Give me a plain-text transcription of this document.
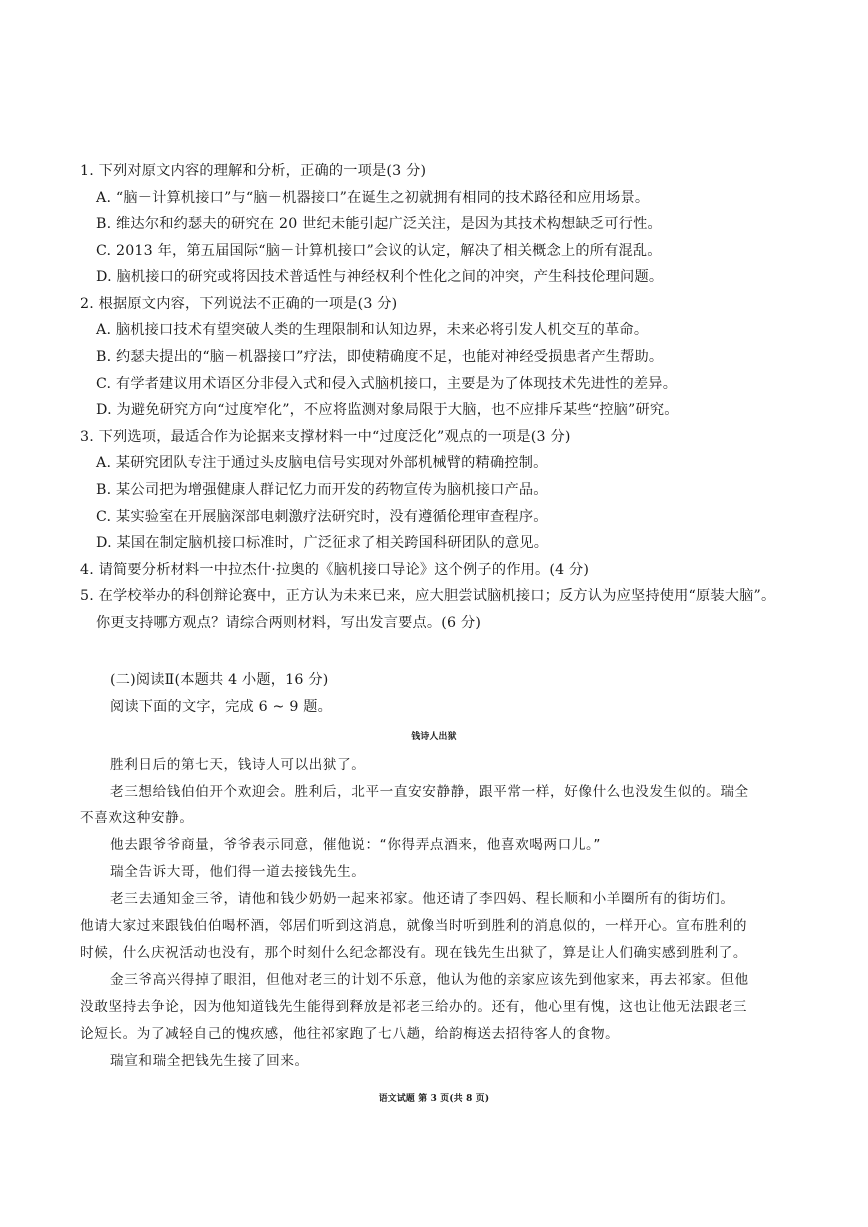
1. 下列对原文内容的理解和分析，正确的一项是(3 分)
A. “脑－计算机接口”与“脑－机器接口”在诞生之初就拥有相同的技术路径和应用场景。
B. 维达尔和约瑟夫的研究在 20 世纪未能引起广泛关注，是因为其技术构想缺乏可行性。
C. 2013 年，第五届国际“脑－计算机接口”会议的认定，解决了相关概念上的所有混乱。
D. 脑机接口的研究或将因技术普适性与神经权利个性化之间的冲突，产生科技伦理问题。
2. 根据原文内容，下列说法不正确的一项是(3 分)
A. 脑机接口技术有望突破人类的生理限制和认知边界，未来必将引发人机交互的革命。
B. 约瑟夫提出的“脑－机器接口”疗法，即使精确度不足，也能对神经受损患者产生帮助。
C. 有学者建议用术语区分非侵入式和侵入式脑机接口，主要是为了体现技术先进性的差异。
D. 为避免研究方向“过度窄化”，不应将监测对象局限于大脑，也不应排斥某些“控脑”研究。
3. 下列选项，最适合作为论据来支撑材料一中“过度泛化”观点的一项是(3 分)
A. 某研究团队专注于通过头皮脑电信号实现对外部机械臂的精确控制。
B. 某公司把为增强健康人群记忆力而开发的药物宣传为脑机接口产品。
C. 某实验室在开展脑深部电刺激疗法研究时，没有遵循伦理审查程序。
D. 某国在制定脑机接口标准时，广泛征求了相关跨国科研团队的意见。
4. 请简要分析材料一中拉杰什·拉奥的《脑机接口导论》这个例子的作用。(4 分)
5. 在学校举办的科创辩论赛中，正方认为未来已来，应大胆尝试脑机接口；反方认为应坚持使用“原装大脑”。
你更支持哪方观点？请综合两则材料，写出发言要点。(6 分)
(二)阅读Ⅱ(本题共 4 小题，16 分)
阅读下面的文字，完成 6 ~ 9 题。
钱诗人出狱
胜利日后的第七天，钱诗人可以出狱了。
老三想给钱伯伯开个欢迎会。胜利后，北平一直安安静静，跟平常一样，好像什么也没发生似的。瑞全
不喜欢这种安静。
他去跟爷爷商量，爷爷表示同意，催他说：“你得弄点酒来，他喜欢喝两口儿。”
瑞全告诉大哥，他们得一道去接钱先生。
老三去通知金三爷，请他和钱少奶奶一起来祁家。他还请了李四妈、程长顺和小羊圈所有的街坊们。
他请大家过来跟钱伯伯喝杯酒，邻居们听到这消息，就像当时听到胜利的消息似的，一样开心。宣布胜利的
时候，什么庆祝活动也没有，那个时刻什么纪念都没有。现在钱先生出狱了，算是让人们确实感到胜利了。
金三爷高兴得掉了眼泪，但他对老三的计划不乐意，他认为他的亲家应该先到他家来，再去祁家。但他
没敢坚持去争论，因为他知道钱先生能得到释放是祁老三给办的。还有，他心里有愧，这也让他无法跟老三
论短长。为了减轻自己的愧疚感，他往祁家跑了七八趟，给韵梅送去招待客人的食物。
瑞宣和瑞全把钱先生接了回来。
语文试题 第 3 页(共 8 页)
